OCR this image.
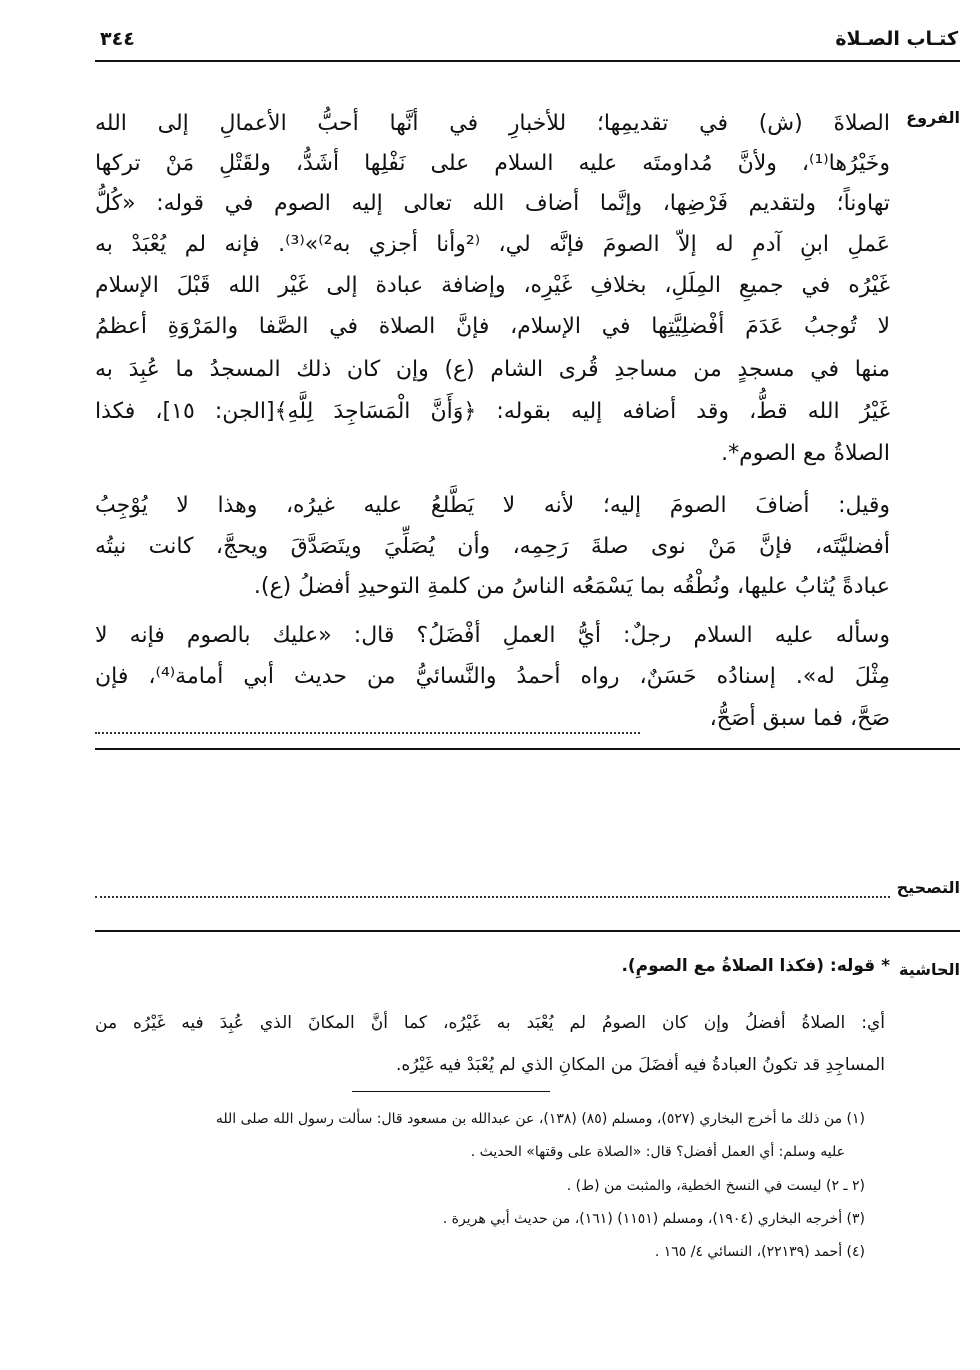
٣٤٤	كتـاب الصـلاة
الفروع
الصلاةَ (ش) في تقديمِها؛ للأخبارِ في أنَّها أحبُّ الأعمالِ إلى الله
وخَيْرُها⁽¹⁾، ولأنَّ مُداومتَه عليه السلام على نَفْلِها أشَدُّ، ولقَتْلِ مَنْ تركها
تهاوناً؛ ولتقديم فَرْضِها، وإنَّما أضاف الله تعالى إليه الصوم في قوله: «كُلُّ
عَملِ ابنِ آدمِ له إلاّ الصومَ فإنَّه لي، ⁽²وأنا أجزي به²⁾»⁽³⁾. فإنه لم يُعْبَدْ به
غَيْرُه في جميعِ المِلَلِ، بخلافِ غَيْرِه، وإضافة عبادة إلى غَيْر الله قَبْلَ الإسلام
لا تُوجبُ عَدَمَ أفْضلِيَّتِها في الإسلام، فإنَّ الصلاة في الصَّفا والمَرْوَةِ أعظمُ
منها في مسجدٍ من مساجدِ قُرى الشام (ع) وإن كان ذلك المسجدُ ما عُبِدَ به
غَيْرُ الله قطُّ، وقد أضافه إليه بقوله: ﴿وَأَنَّ الْمَسَاجِدَ لِلَّهِ﴾[الجن: ١٥]، فكذا
الصلاةُ مع الصوم*.
وقيل: أضافَ الصومَ إليه؛ لأنه لا يَطَّلعُ عليه غيرُه، وهذا لا يُوْجِبُ
أفضليَّتَه، فإنَّ مَنْ نوى صلةَ رَحِمِه، وأن يُصَلِّيَ ويتَصَدَّقَ ويحجَّ، كانت نيتُه
عبادةً يُثابُ عليها، ونُطْقُه بما يَسْمَعُه الناسُ من كلمةِ التوحيدِ أفضلُ (ع).
وسأله عليه السلام رجلٌ: أيُّ العملِ أفْضَلُ؟ قال: «عليك بالصوم فإنه لا
مِثْلَ له». إسنادُه حَسَنٌ، رواه أحمدُ والنَّسائيُّ من حديث أبي أمامة⁽⁴⁾، فإن
صَحَّ، فما سبق أصَحُّ،
التصحيح
الحاشية
* قوله: (فكذا الصلاةُ مع الصومِ).
أي: الصلاةُ أفضلُ وإن كان الصومُ لم يُعْبَد به غَيْرُه، كما أنَّ المكانَ الذي عُبِدَ فيه غَيْرُه من
المساجِدِ قد تكونُ العبادةُ فيه أفضَلَ من المكانِ الذي لم يُعْبَدْ فيه غَيْرُه.
(١) من ذلك ما أخرج البخاري (٥٢٧)، ومسلم (٨٥) (١٣٨)، عن عبدالله بن مسعود قال: سألت رسول الله صلى الله
عليه وسلم: أي العمل أفضل؟ قال: «الصلاة على وقتها» الحديث .
(٢ ـ ٢) ليست في النسخ الخطية، والمثبت من (ط) .
(٣) أخرجه البخاري (١٩٠٤)، ومسلم (١١٥١) (١٦١)، من حديث أبي هريرة .
(٤) أحمد (٢٢١٣٩)، النسائي ٤/ ١٦٥ .
